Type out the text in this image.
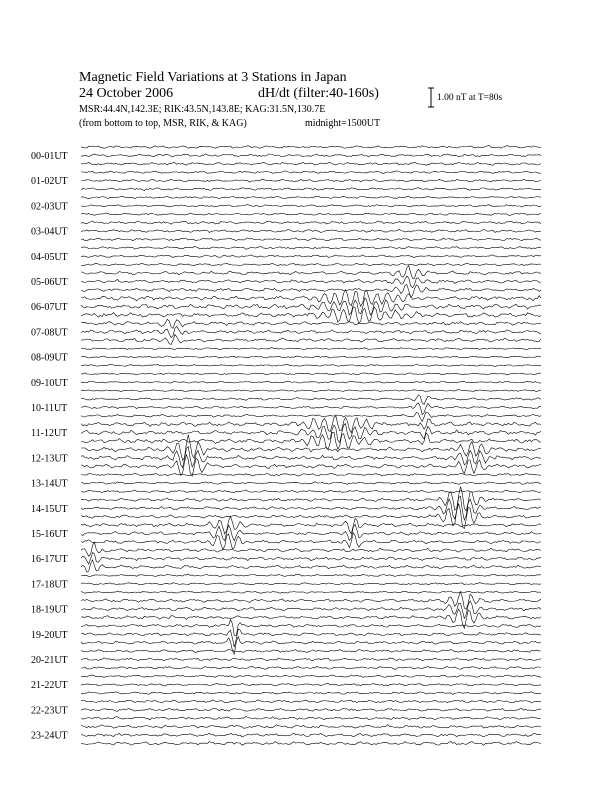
Magnetic Field Variations at 3 Stations in Japan
24 October 2006	dH/dt (filter:40-160s)
MSR:44.4N,142.3E; RIK:43.5N,143.8E; KAG:31.5N,130.7E
(from bottom to top, MSR, RIK, & KAG)	midnight=1500UT
1.00 nT at T=80s
00-01UT
01-02UT
02-03UT
03-04UT
04-05UT
05-06UT
06-07UT
07-08UT
08-09UT
09-10UT
10-11UT
11-12UT
12-13UT
13-14UT
14-15UT
15-16UT
16-17UT
17-18UT
18-19UT
19-20UT
20-21UT
21-22UT
22-23UT
23-24UT
